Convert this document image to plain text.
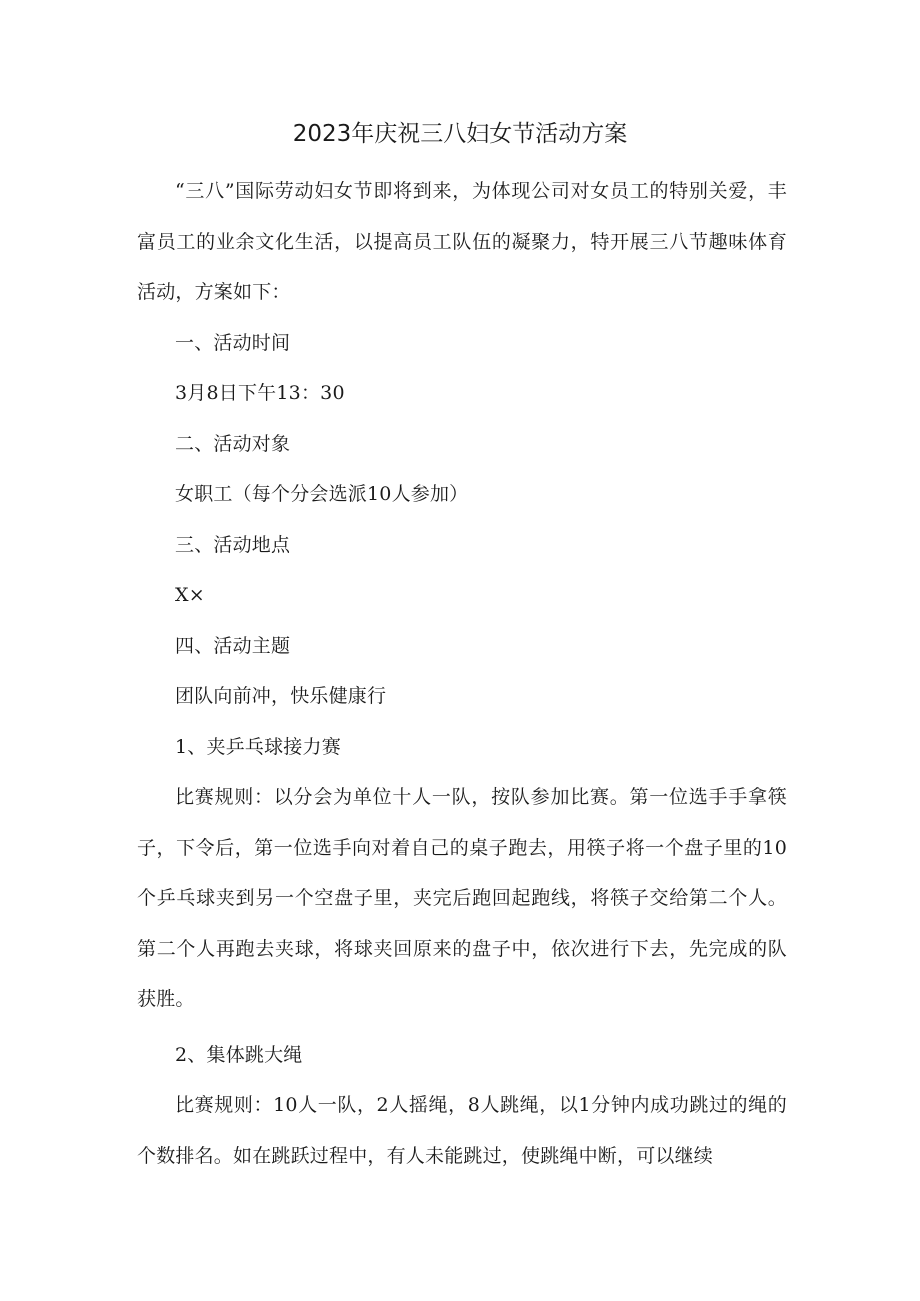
2023年庆祝三八妇女节活动方案

“三八”国际劳动妇女节即将到来，为体现公司对女员工的特别关爱，丰富员工的业余文化生活，以提高员工队伍的凝聚力，特开展三八节趣味体育活动，方案如下：

一、活动时间

3月8日下午13：30

二、活动对象

女职工（每个分会选派10人参加）

三、活动地点

X×

四、活动主题

团队向前冲，快乐健康行

1、夹乒乓球接力赛

比赛规则：以分会为单位十人一队，按队参加比赛。第一位选手手拿筷子，下令后，第一位选手向对着自己的桌子跑去，用筷子将一个盘子里的10个乒乓球夹到另一个空盘子里，夹完后跑回起跑线，将筷子交给第二个人。第二个人再跑去夹球，将球夹回原来的盘子中，依次进行下去，先完成的队获胜。

2、集体跳大绳

比赛规则：10人一队，2人摇绳，8人跳绳，以1分钟内成功跳过的绳的个数排名。如在跳跃过程中，有人未能跳过，使跳绳中断，可以继续
